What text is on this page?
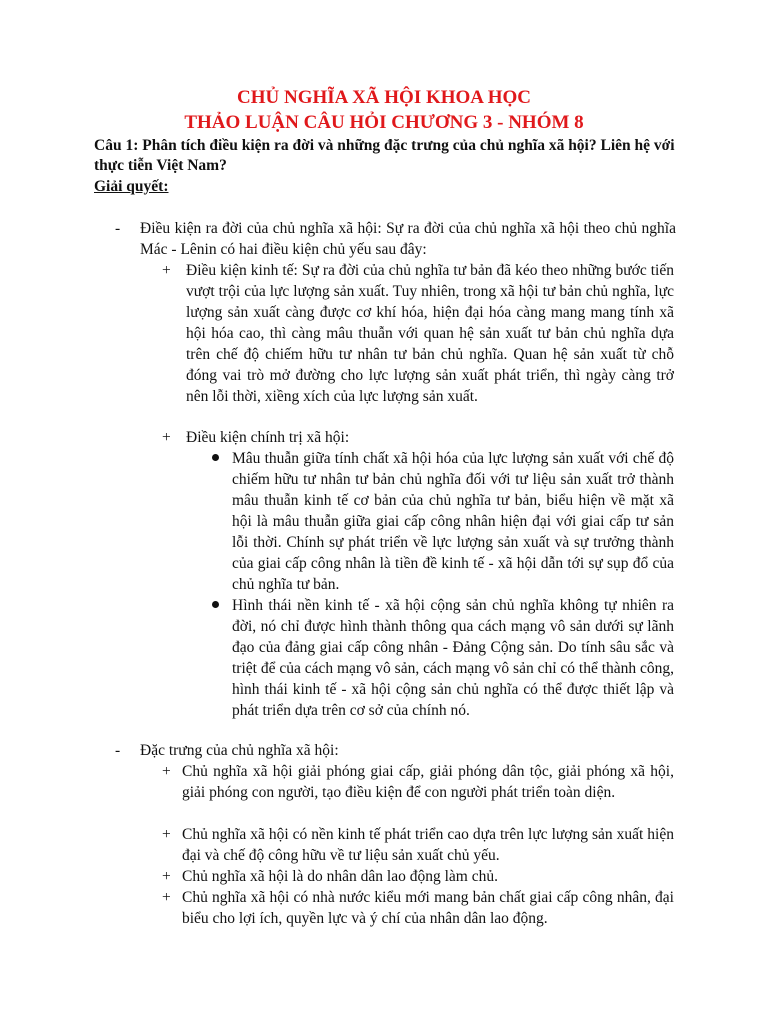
CHỦ NGHĨA XÃ HỘI KHOA HỌC
THẢO LUẬN CÂU HỎI CHƯƠNG 3 - NHÓM 8
Câu 1: Phân tích điều kiện ra đời và những đặc trưng của chủ nghĩa xã hội? Liên hệ với thực tiễn Việt Nam?
Giải quyết:
- Điều kiện ra đời của chủ nghĩa xã hội: Sự ra đời của chủ nghĩa xã hội theo chủ nghĩa Mác - Lênin có hai điều kiện chủ yếu sau đây:
+ Điều kiện kinh tế: Sự ra đời của chủ nghĩa tư bản đã kéo theo những bước tiến vượt trội của lực lượng sản xuất. Tuy nhiên, trong xã hội tư bản chủ nghĩa, lực lượng sản xuất càng được cơ khí hóa, hiện đại hóa càng mang mang tính xã hội hóa cao, thì càng mâu thuẫn với quan hệ sản xuất tư bản chủ nghĩa dựa trên chế độ chiếm hữu tư nhân tư bản chủ nghĩa. Quan hệ sản xuất từ chỗ đóng vai trò mở đường cho lực lượng sản xuất phát triển, thì ngày càng trở nên lỗi thời, xiềng xích của lực lượng sản xuất.
+ Điều kiện chính trị xã hội:
Mâu thuẫn giữa tính chất xã hội hóa của lực lượng sản xuất với chế độ chiếm hữu tư nhân tư bản chủ nghĩa đối với tư liệu sản xuất trở thành mâu thuẫn kinh tế cơ bản của chủ nghĩa tư bản, biểu hiện về mặt xã hội là mâu thuẫn giữa giai cấp công nhân hiện đại với giai cấp tư sản lỗi thời. Chính sự phát triển về lực lượng sản xuất và sự trưởng thành của giai cấp công nhân là tiền đề kinh tế - xã hội dẫn tới sự sụp đổ của chủ nghĩa tư bản.
Hình thái nền kinh tế - xã hội cộng sản chủ nghĩa không tự nhiên ra đời, nó chỉ được hình thành thông qua cách mạng vô sản dưới sự lãnh đạo của đảng giai cấp công nhân - Đảng Cộng sản. Do tính sâu sắc và triệt để của cách mạng vô sản, cách mạng vô sản chỉ có thể thành công, hình thái kinh tế - xã hội cộng sản chủ nghĩa có thể được thiết lập và phát triển dựa trên cơ sở của chính nó.
- Đặc trưng của chủ nghĩa xã hội:
+ Chủ nghĩa xã hội giải phóng giai cấp, giải phóng dân tộc, giải phóng xã hội, giải phóng con người, tạo điều kiện để con người phát triển toàn diện.
+ Chủ nghĩa xã hội có nền kinh tế phát triển cao dựa trên lực lượng sản xuất hiện đại và chế độ công hữu về tư liệu sản xuất chủ yếu.
+ Chủ nghĩa xã hội là do nhân dân lao động làm chủ.
+ Chủ nghĩa xã hội có nhà nước kiểu mới mang bản chất giai cấp công nhân, đại biểu cho lợi ích, quyền lực và ý chí của nhân dân lao động.
